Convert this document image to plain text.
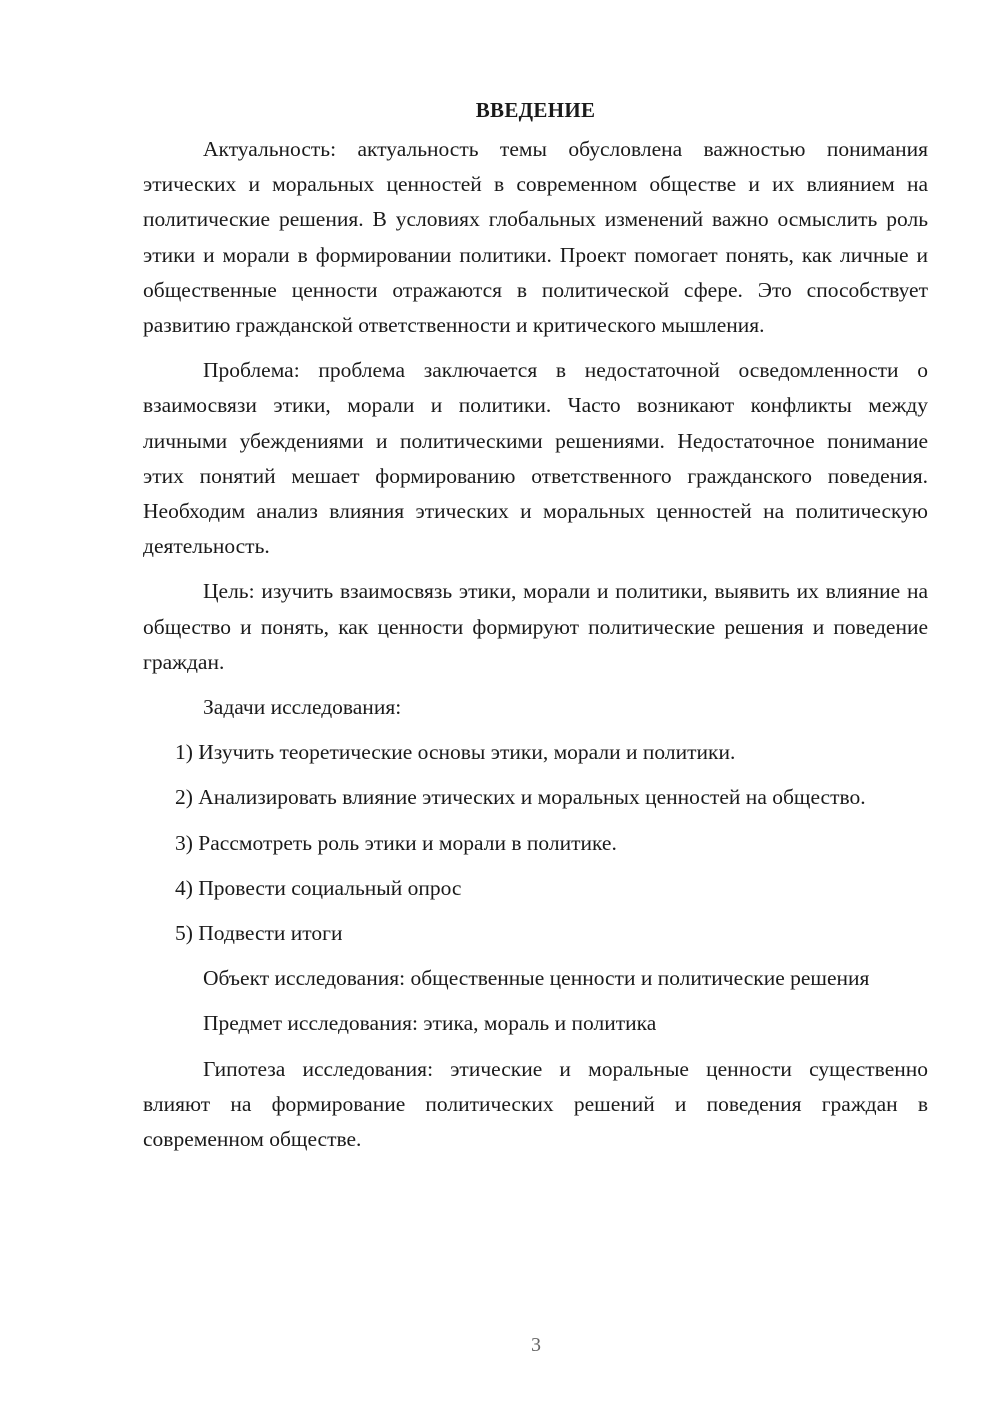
ВВЕДЕНИЕ

Актуальность: актуальность темы обусловлена важностью понимания этических и моральных ценностей в современном обществе и их влиянием на политические решения. В условиях глобальных изменений важно осмыслить роль этики и морали в формировании политики. Проект помогает понять, как личные и общественные ценности отражаются в политической сфере. Это способствует развитию гражданской ответственности и критического мышления.

Проблема: проблема заключается в недостаточной осведомленности о взаимосвязи этики, морали и политики. Часто возникают конфликты между личными убеждениями и политическими решениями. Недостаточное понимание этих понятий мешает формированию ответственного гражданского поведения. Необходим анализ влияния этических и моральных ценностей на политическую деятельность.

Цель: изучить взаимосвязь этики, морали и политики, выявить их влияние на общество и понять, как ценности формируют политические решения и поведение граждан.

Задачи исследования:

1) Изучить теоретические основы этики, морали и политики.

2) Анализировать влияние этических и моральных ценностей на общество.

3) Рассмотреть роль этики и морали в политике.

4) Провести социальный опрос

5) Подвести итоги

Объект исследования: общественные ценности и политические решения

Предмет исследования: этика, мораль и политика

Гипотеза исследования: этические и моральные ценности существенно влияют на формирование политических решений и поведения граждан в современном обществе.

3
